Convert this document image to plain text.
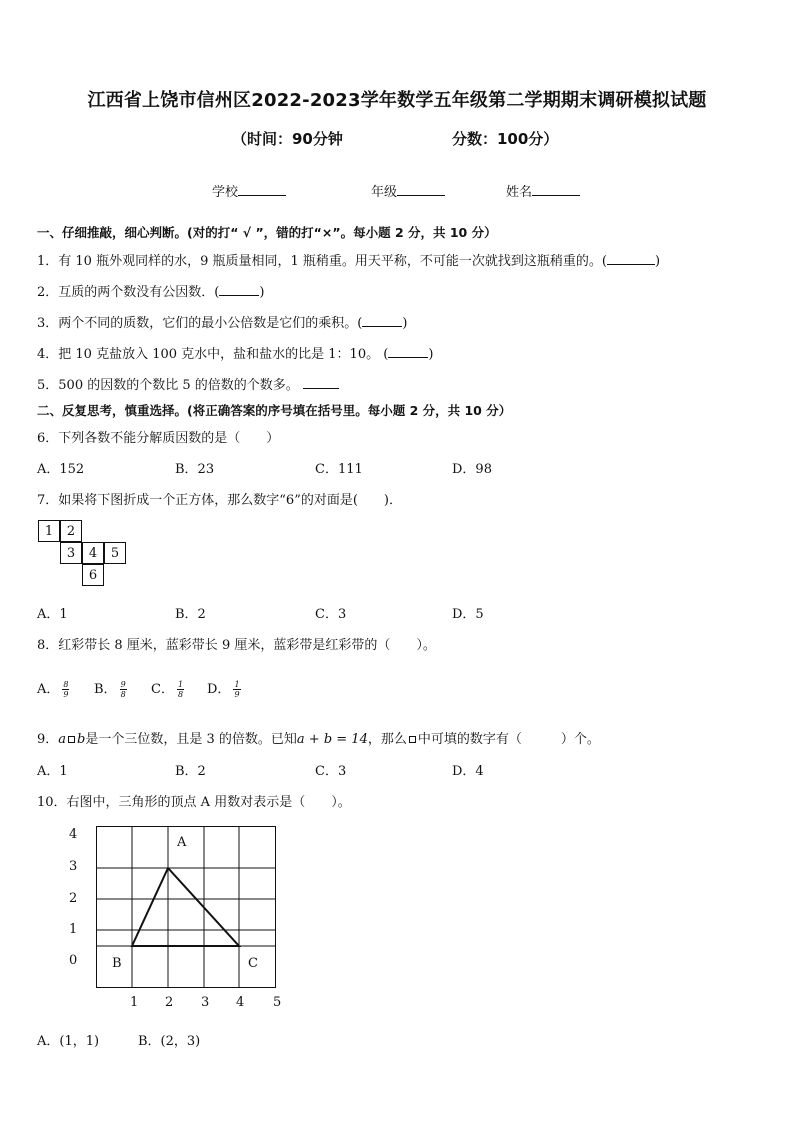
江西省上饶市信州区2022-2023学年数学五年级第二学期期末调研模拟试题
（时间：90分钟	分数：100分）
学校	年级	姓名
一、仔细推敲，细心判断。(对的打“ √ ”，错的打“×”。每小题 2 分，共 10 分）
1．有 10 瓶外观同样的水，9 瓶质量相同，1 瓶稍重。用天平称，不可能一次就找到这瓶稍重的。(	)
2．互质的两个数没有公因数．(	)
3．两个不同的质数，它们的最小公倍数是它们的乘积。(	)
4．把 10 克盐放入 100 克水中，盐和盐水的比是 1：10。 (	)
5．500 的因数的个数比 5 的倍数的个数多。
二、反复思考，慎重选择。(将正确答案的序号填在括号里。每小题 2 分，共 10 分）
6．下列各数不能分解质因数的是（　　）
A．152	B．23	C．111	D．98
7．如果将下图折成一个正方体，那么数字“6”的对面是(　　)．
1	2
3	4	5
6
A．1	B．2	C．3	D．5
8．红彩带长 8 厘米，蓝彩带长 9 厘米，蓝彩带是红彩带的（　　）。
A． $\frac{8}{9}$ B． $\frac{9}{8}$ C． $\frac{1}{8}$ D． $\frac{1}{9}$
9．a b是一个三位数，且是 3 的倍数。已知a + b = 14，那么 中可填的数字有（　　　）个。
A．1	B．2	C．3	D．4
10．右图中，三角形的顶点 A 用数对表示是（　　）。
4
3
2
1
0
1 2 3 4 5
A
B	C
A．(1，1)	B．(2，3)
